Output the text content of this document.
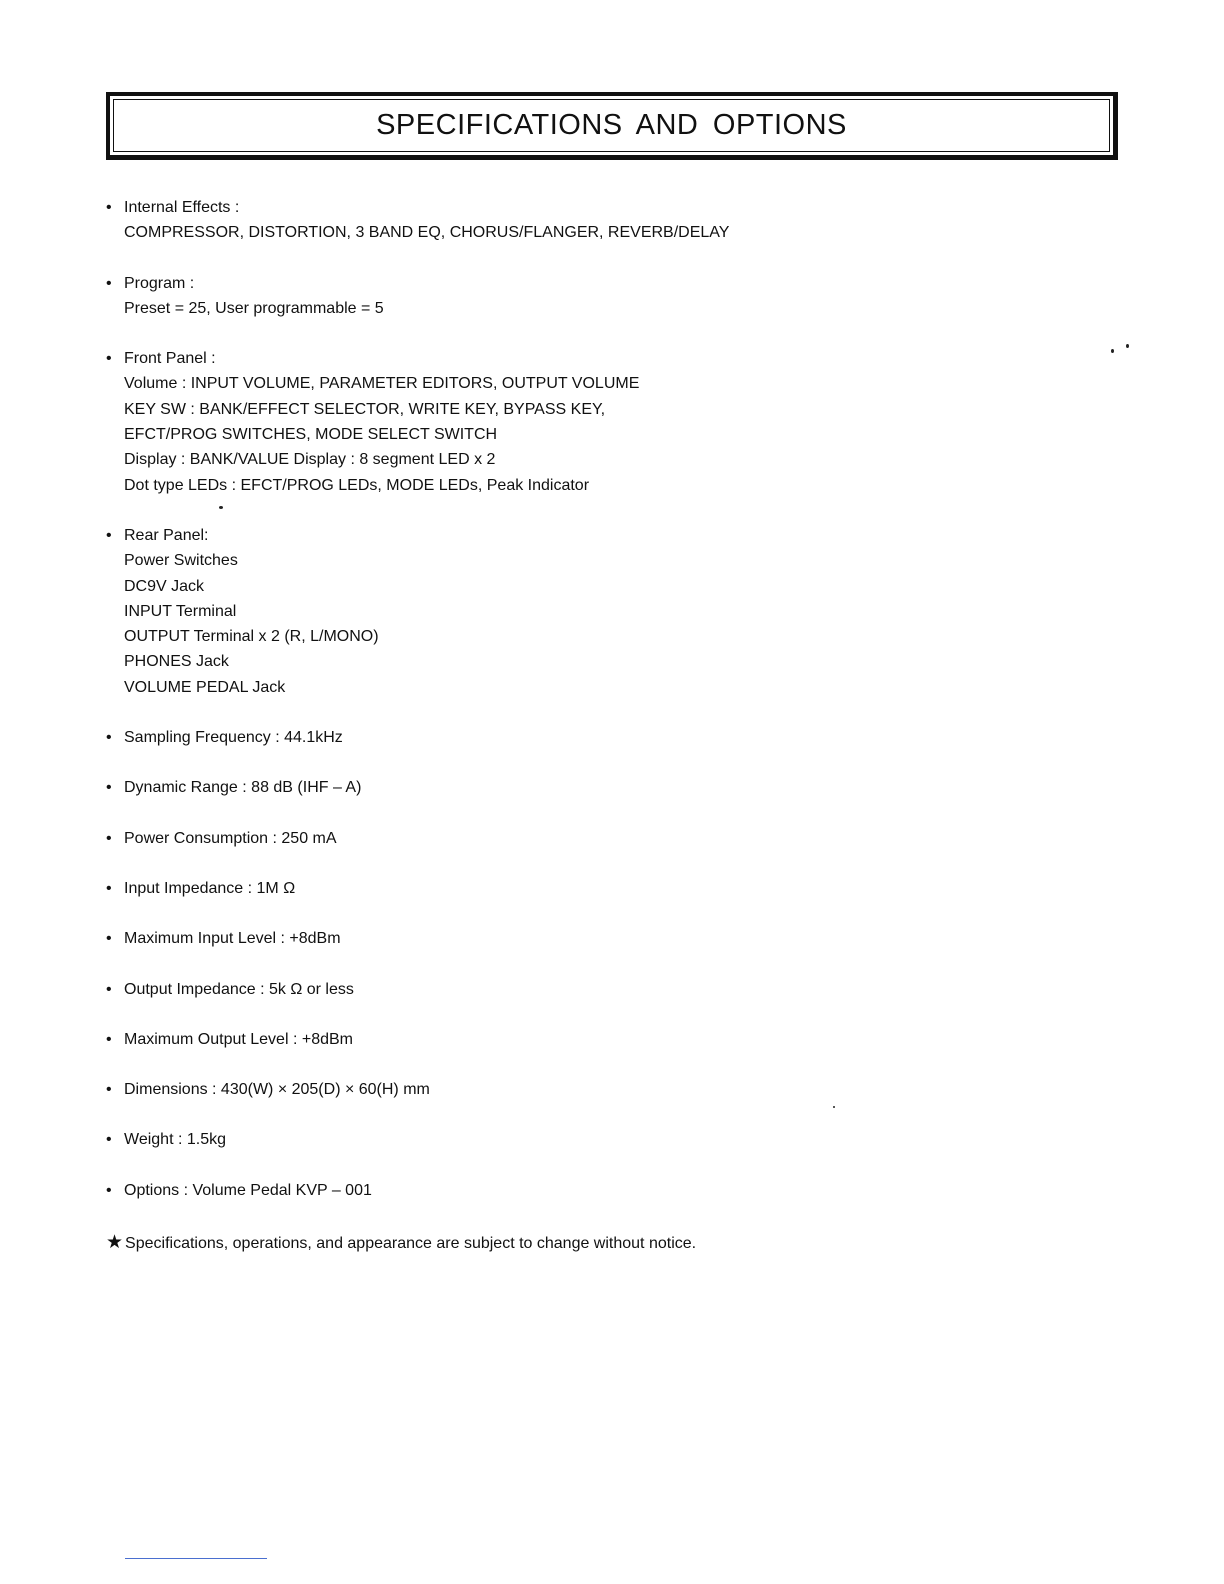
SPECIFICATIONS AND OPTIONS
• Internal Effects :
COMPRESSOR, DISTORTION, 3 BAND EQ, CHORUS/FLANGER, REVERB/DELAY
• Program :
Preset = 25, User programmable = 5
• Front Panel :
Volume : INPUT VOLUME, PARAMETER EDITORS, OUTPUT VOLUME
KEY SW : BANK/EFFECT SELECTOR, WRITE KEY, BYPASS KEY,
EFCT/PROG SWITCHES, MODE SELECT SWITCH
Display : BANK/VALUE Display : 8 segment LED x 2
Dot type LEDs : EFCT/PROG LEDs, MODE LEDs, Peak Indicator
• Rear Panel:
Power Switches
DC9V Jack
INPUT Terminal
OUTPUT Terminal x 2 (R, L/MONO)
PHONES Jack
VOLUME PEDAL Jack
• Sampling Frequency : 44.1kHz
• Dynamic Range : 88 dB (IHF – A)
• Power Consumption : 250 mA
• Input Impedance : 1M Ω
• Maximum Input Level : +8dBm
• Output Impedance : 5k Ω or less
• Maximum Output Level : +8dBm
• Dimensions : 430(W) × 205(D) × 60(H) mm
• Weight : 1.5kg
• Options : Volume Pedal KVP – 001
★ Specifications, operations, and appearance are subject to change without notice.
